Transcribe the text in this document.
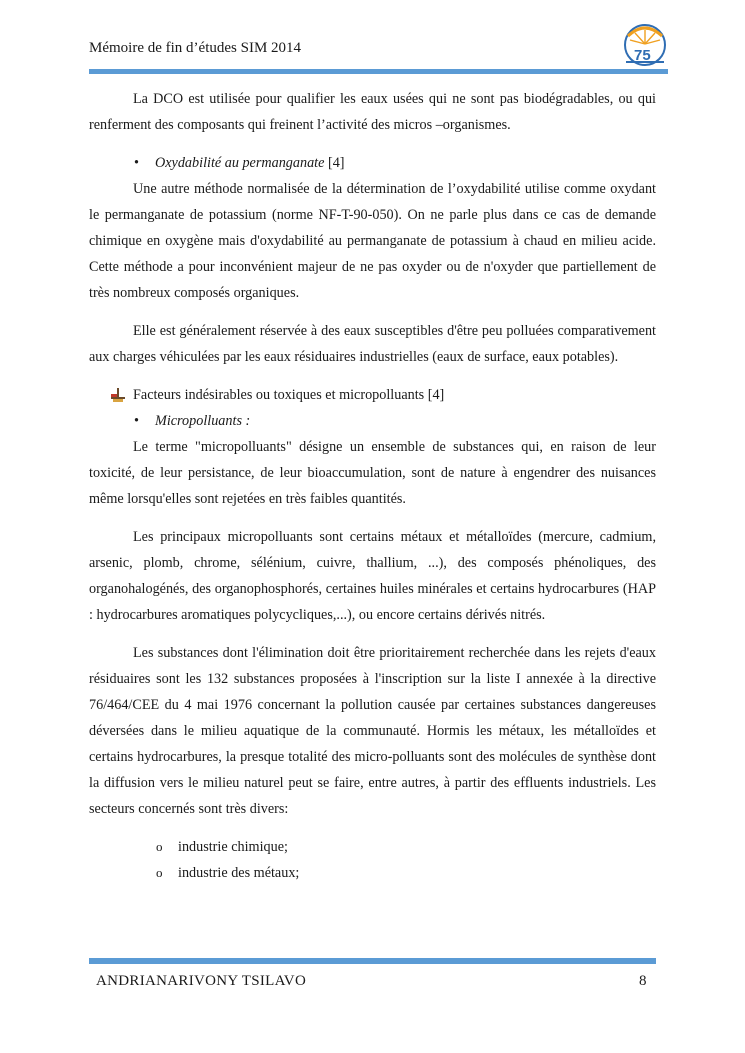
Mémoire de fin d’études SIM 2014	75

La DCO est utilisée pour qualifier les eaux usées qui ne sont pas biodégradables, ou qui renferment des composants qui freinent l’activité des micros –organismes.

• Oxydabilité au permanganate [4]

Une autre méthode normalisée de la détermination de l’oxydabilité utilise comme oxydant le permanganate de potassium (norme NF-T-90-050). On ne parle plus dans ce cas de demande chimique en oxygène mais d'oxydabilité au permanganate de potassium à chaud en milieu acide. Cette méthode a pour inconvénient majeur de ne pas oxyder ou de n'oxyder que partiellement de très nombreux composés organiques.

Elle est généralement réservée à des eaux susceptibles d'être peu polluées comparativement aux charges véhiculées par les eaux résiduaires industrielles (eaux de surface, eaux potables).

Facteurs indésirables ou toxiques et micropolluants [4]
• Micropolluants :

Le terme "micropolluants" désigne un ensemble de substances qui, en raison de leur toxicité, de leur persistance, de leur bioaccumulation, sont de nature à engendrer des nuisances même lorsqu'elles sont rejetées en très faibles quantités.

Les principaux micropolluants sont certains métaux et métalloïdes (mercure, cadmium, arsenic, plomb, chrome, sélénium, cuivre, thallium, ...), des composés phénoliques, des organohalogénés, des organophosphorés, certaines huiles minérales et certains hydrocarbures (HAP : hydrocarbures aromatiques polycycliques,...), ou encore certains dérivés nitrés.

Les substances dont l'élimination doit être prioritairement recherchée dans les rejets d'eaux résiduaires sont les 132 substances proposées à l'inscription sur la liste I annexée à la directive 76/464/CEE du 4 mai 1976 concernant la pollution causée par certaines substances dangereuses déversées dans le milieu aquatique de la communauté. Hormis les métaux, les métalloïdes et certains hydrocarbures, la presque totalité des micro-polluants sont des molécules de synthèse dont la diffusion vers le milieu naturel peut se faire, entre autres, à partir des effluents industriels. Les secteurs concernés sont très divers:

o industrie chimique;
o industrie des métaux;
ANDRIANARIVONY TSILAVO	8
